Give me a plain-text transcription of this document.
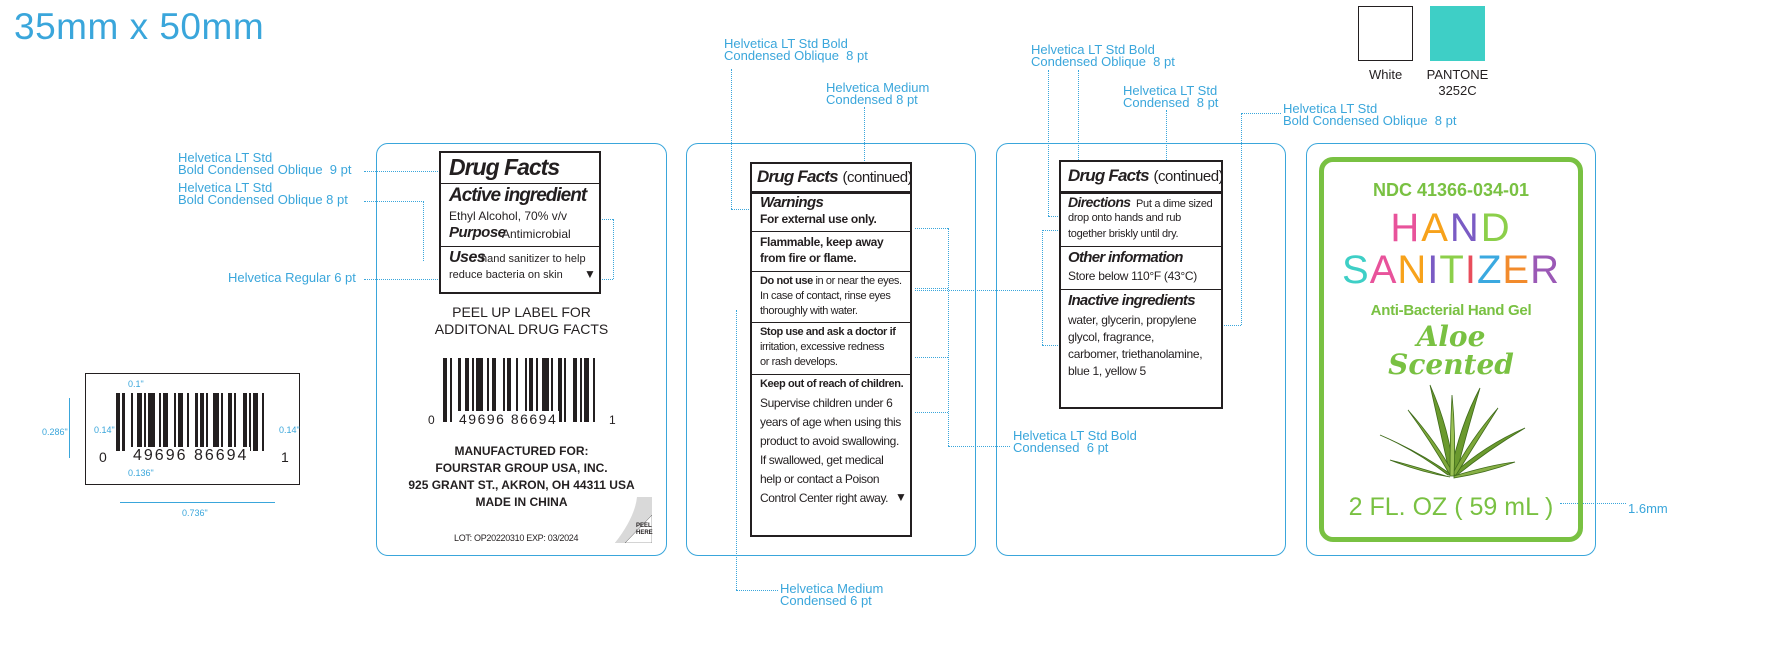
35mm x 50mm
White PANTONE
3252C
Helvetica LT Std Bold
Condensed Oblique  8 pt
Helvetica Medium
Condensed 8 pt
Helvetica LT Std Bold
Condensed Oblique  8 pt
Helvetica LT Std
Condensed  8 pt	Helvetica LT Std
Bold Condensed Oblique  8 pt
Helvetica LT Std
Bold Condensed Oblique  9 pt
Helvetica LT Std
Bold Condensed Oblique 8 pt
Helvetica Regular 6 pt
Helvetica LT Std Bold
Condensed  6 pt
Helvetica Medium
Condensed 6 pt
1.6mm
0.286"
0.1"
0.14"	0.14"
0.136"
0.736"
0 49696 86694 1
Drug Facts
Active ingredient
Ethyl Alcohol, 70% v/v
Purpose
Antimicrobial
Uses
hand sanitizer to help
reduce bacteria on skin ▼
PEEL UP LABEL FOR
ADDITONAL DRUG FACTS
0 49696 86694	1
MANUFACTURED FOR:
FOURSTAR GROUP USA, INC.
925 GRANT ST., AKRON, OH 44311 USA
MADE IN CHINA
LOT: OP20220310 EXP: 03/2024
PEEL
HERE
Drug Facts (continued)
Warnings
For external use only.
Flammable, keep away
from fire or flame.
Do not use in or near the eyes.
In case of contact, rinse eyes
thoroughly with water.
Stop use and ask a doctor if
irritation, excessive redness
or rash develops.
Keep out of reach of children.
Supervise children under 6
years of age when using this
product to avoid swallowing.
If swallowed, get medical
help or contact a Poison
Control Center right away. ▼
Drug Facts (continued)
Directions Put a dime sized
drop onto hands and rub
together briskly until dry.
Other information
Store below 110°F (43°C)
Inactive ingredients
water, glycerin, propylene
glycol, fragrance,
carbomer, triethanolamine,
blue 1, yellow 5
NDC 41366-034-01
HAND
SANITIZER
Anti-Bacterial Hand Gel
Aloe
Scented
2 FL. OZ ( 59 mL )
